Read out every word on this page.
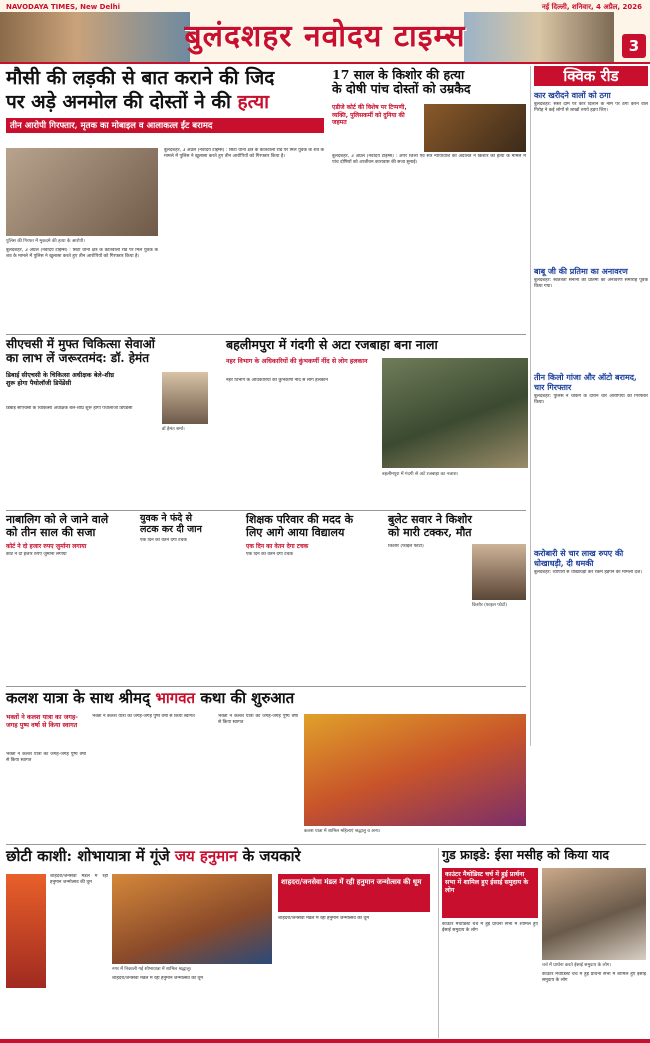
NAVODAYA TIMES, New Delhi	नई दिल्ली, शनिवार, 4 अप्रैल, 2026
बुलंदशहर नवोदय टाइम्स	3
मौसी की लड़की से बात कराने की जिद
पर अड़े अनमोल की दोस्तों ने की हत्या
तीन आरोपी गिरफ्तार, मृतक का मोबाइल व आलाकत्ल ईंट बरामद
पुलिस की गिरफ्त में मुकदमे की हत्या के आरोपी।
बुलंदशहर, 3 अप्रैल (नवोदय टाइम्स) : सिटी थाना क्षेत्र के कोतवाली रोड पर मिले युवक के शव के मामले में पुलिस ने खुलासा करते हुए तीन आरोपियों को गिरफ्तार किया है।
बुलंदशहर, 3 अप्रैल (नवोदय टाइम्स) : सिटी थाना क्षेत्र के कोतवाली रोड पर मिले युवक के शव के मामले में पुलिस ने खुलासा करते हुए तीन आरोपियों को गिरफ्तार किया है।
17 साल के किशोर की हत्या
के दोषी पांच दोस्तों को उम्रकैद
एडीजे कोर्ट की विशेष पर टिप्पणी, व्यक्ति, पुलिसकर्मी को दुनिया की जहमत
बुलंदशहर, 3 अप्रैल (नवोदय टाइम्स) : अपर जिला एवं सत्र न्यायाधीश की अदालत ने किशोर की हत्या के मामले में पांच दोषियों को आजीवन कारावास की सजा सुनाई।
क्विक रीड
कार खरीदने वालों को ठगा
बुलंदशहर: सस्ते दाम पर कार दिलाने के नाम पर ठगी करने वाले गिरोह ने कई लोगों से लाखों रुपये हड़प लिए।
बाबू जी की प्रतिमा का अनावरण
बुलंदशहर: स्वतंत्रता सेनानी की प्रतिमा का अनावरण समारोह पूर्वक किया गया।
तीन किलो गांजा और ऑटो बरामद, चार गिरफ्तार
बुलंदशहर: पुलिस ने चेकिंग के दौरान चार आरोपियों को गिरफ्तार किया।
करोबारी से चार लाख रुपए की धोखाधड़ी, दी धमकी
बुलंदशहर: व्यापारी से धोखाधड़ी कर रकम हड़पने का मामला दर्ज।
सीएचसी में मुफ्त चिकित्सा सेवाओं
का लाभ लें जरूरतमंद: डॉ. हेमंत
डिबाई सीएचसी के चिकित्सा अधीक्षक बेले-शीघ्र शुरू होगा पैथोलॉजी डिपेंडेंसी
डॉ हेमंत शर्मा।
डिबाई सीएचसी के चिकित्सा अधीक्षक बेले-शीघ्र शुरू होगा पैथोलॉजी डिपेंडेंसी
बहलीमपुरा में गंदगी से अटा रजबाहा बना नाला
नहर विभाग के अधिकारियों की कुंभकर्णी नींद से लोग हलकान
नहर विभाग के अधिकारियों की कुंभकर्णी नींद से लोग हलकान
बहलीमपुरा में गंदगी से अटे रजबाहा का नजारा।
नाबालिग को ले जाने वाले
को तीन साल की सजा
कोर्ट ने दो हजार रुपए जुर्माना लगाया
कोर्ट ने दो हजार रुपए जुर्माना लगाया
युवक ने फंदे से
लटक कर दी जान
एक दिन का वेतन देगा टचक
शिक्षक परिवार की मदद के
लिए आगे आया विद्यालय
एक दिन का वेतन देगा टचक
एक दिन का वेतन देगा टचक
बुलेट सवार ने किशोर
को मारी टक्कर, मौत
किशोर (फाइल फोटो)
किशोर (फाइल फोटो)
कलश यात्रा के साथ श्रीमद् भागवत कथा की शुरुआत
भक्तों ने कलश यात्रा का जगह-जगह पुष्प वर्षा से किया स्वागत
भक्तों ने कलश यात्रा का जगह-जगह पुष्प वर्षा से किया स्वागत
भक्तों ने कलश यात्रा का जगह-जगह पुष्प वर्षा से किया स्वागत	भक्तों ने कलश यात्रा का जगह-जगह पुष्प वर्षा से किया स्वागत
कलश यात्रा में शामिल महिलाएं श्रद्धालु व अन्य।
छोटी काशी: शोभायात्रा में गूंजे जय हनुमान के जयकारे
शाहदरा/जनसेवा मंडल में रही हनुमान जन्मोत्सव की धूम
नगर में निकाली गई शोभायात्रा में शामिल श्रद्धालु।
शाहदरा/जनसेवा मंडल में रही हनुमान जन्मोत्सव की धूम
शाहदरा/जनसेवा मंडल में रही हनुमान जन्मोत्सव की धूम
शाहदरा/जनसेवा मंडल में रही हनुमान जन्मोत्सव की धूम
गुड फ्राइडे: ईसा मसीह को किया याद
काउंटर मैथोडिस्ट चर्च में हुई प्रार्थना सभा में शामिल हुए ईसाई समुदाय के लोग
काउंटर मैथोडिस्ट चर्च में हुई प्रार्थना सभा में शामिल हुए ईसाई समुदाय के लोग
चर्च में प्रार्थना करते ईसाई समुदाय के लोग।
काउंटर मैथोडिस्ट चर्च में हुई प्रार्थना सभा में शामिल हुए ईसाई समुदाय के लोग
